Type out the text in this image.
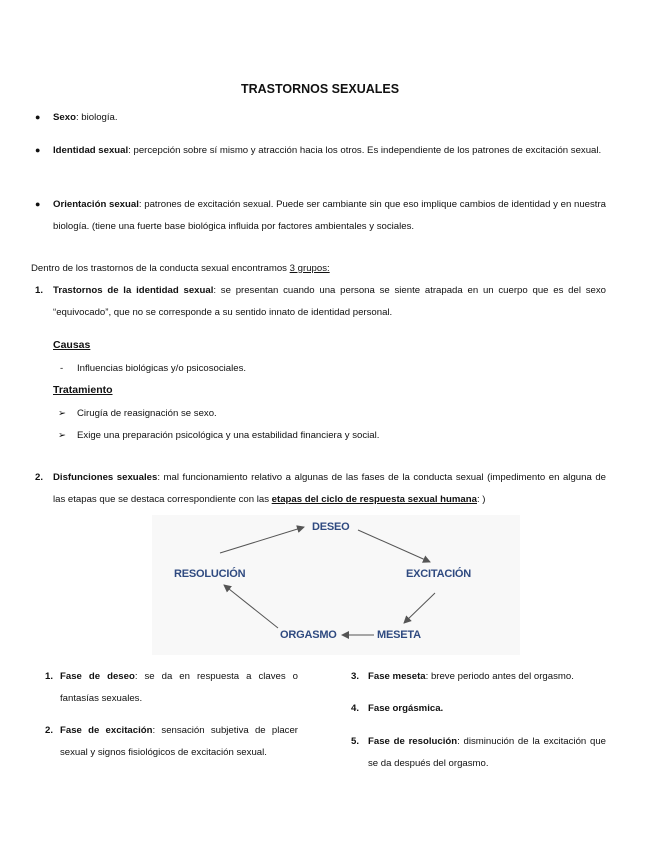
TRASTORNOS SEXUALES
● Sexo: biología.
● Identidad sexual: percepción sobre sí mismo y atracción hacia los otros. Es independiente de los patrones de excitación sexual.
● Orientación sexual: patrones de excitación sexual. Puede ser cambiante sin que eso implique cambios de identidad y en nuestra biología. (tiene una fuerte base biológica influida por factores ambientales y sociales.
Dentro de los trastornos de la conducta sexual encontramos 3 grupos:
1. Trastornos de la identidad sexual: se presentan cuando una persona se siente atrapada en un cuerpo que es del sexo “equivocado”, que no se corresponde a su sentido innato de identidad personal.
Causas
- Influencias biológicas y/o psicosociales.
Tratamiento
➢ Cirugía de reasignación se sexo.
➢ Exige una preparación psicológica y una estabilidad financiera y social.
2. Disfunciones sexuales: mal funcionamiento relativo a algunas de las fases de la conducta sexual (impedimento en alguna de las etapas que se destaca correspondiente con las etapas del ciclo de respuesta sexual humana: )
DESEO
EXCITACIÓN
MESETA
ORGASMO
RESOLUCIÓN
1. Fase de deseo: se da en respuesta a claves o fantasías sexuales.
2. Fase de excitación: sensación subjetiva de placer sexual y signos fisiológicos de excitación sexual.
3. Fase meseta: breve periodo antes del orgasmo.
4. Fase orgásmica.
5. Fase de resolución: disminución de la excitación que se da después del orgasmo.
